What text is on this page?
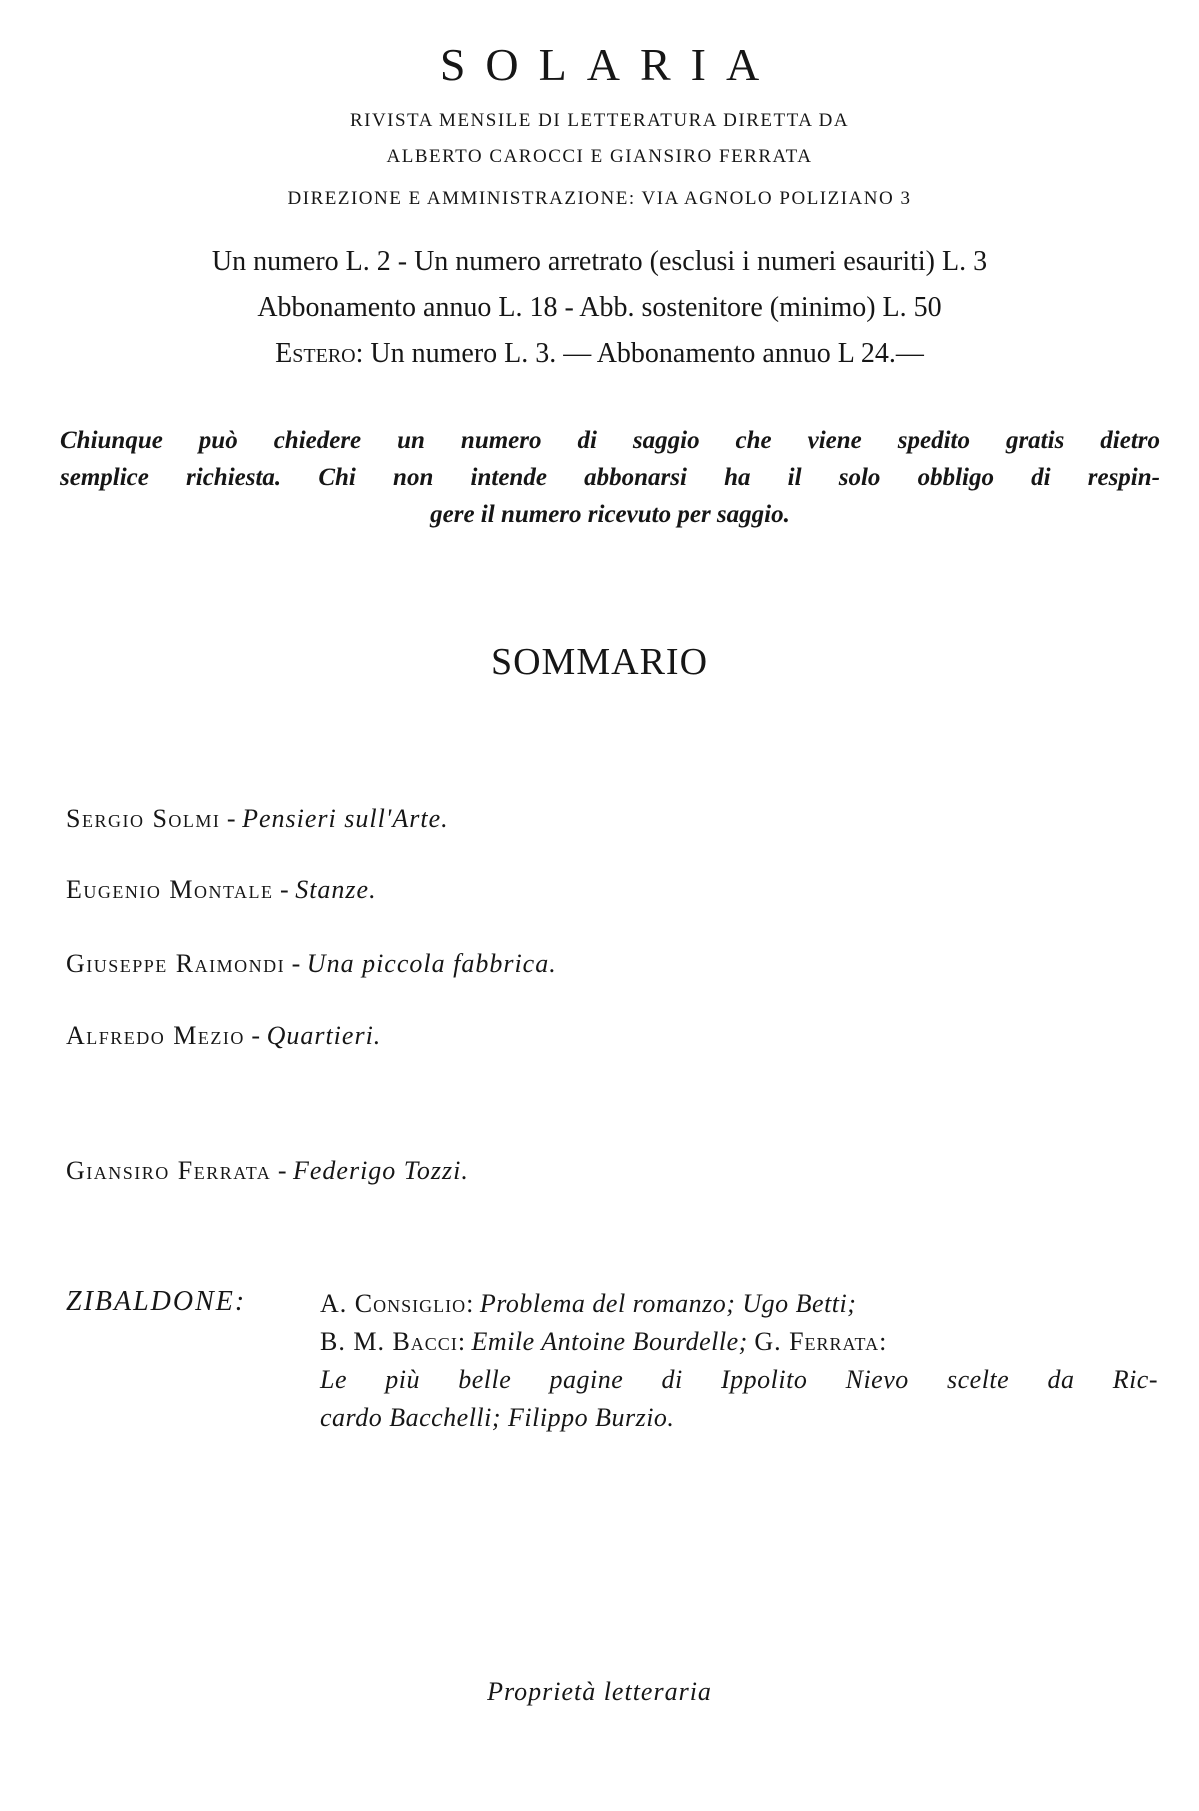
SOLARIA
RIVISTA MENSILE DI LETTERATURA DIRETTA DA
ALBERTO CAROCCI E GIANSIRO FERRATA
DIREZIONE E AMMINISTRAZIONE: VIA AGNOLO POLIZIANO 3
Un numero L. 2 - Un numero arretrato (esclusi i numeri esauriti) L. 3
Abbonamento annuo L. 18 - Abb. sostenitore (minimo) L. 50
Estero: Un numero L. 3. — Abbonamento annuo L 24.—
Chiunque può chiedere un numero di saggio che viene spedito gratis dietro
semplice richiesta. Chi non intende abbonarsi ha il solo obbligo di respin-
gere il numero ricevuto per saggio.
SOMMARIO
Sergio Solmi - Pensieri sull'Arte.
Eugenio Montale - Stanze.
Giuseppe Raimondi - Una piccola fabbrica.
Alfredo Mezio - Quartieri.
Giansiro Ferrata - Federigo Tozzi.
ZIBALDONE:	A. Consiglio: Problema del romanzo; Ugo Betti;
B. M. Bacci: Emile Antoine Bourdelle; G. Ferrata:
Le più belle pagine di Ippolito Nievo scelte da Ric-
cardo Bacchelli; Filippo Burzio.
Proprietà letteraria
